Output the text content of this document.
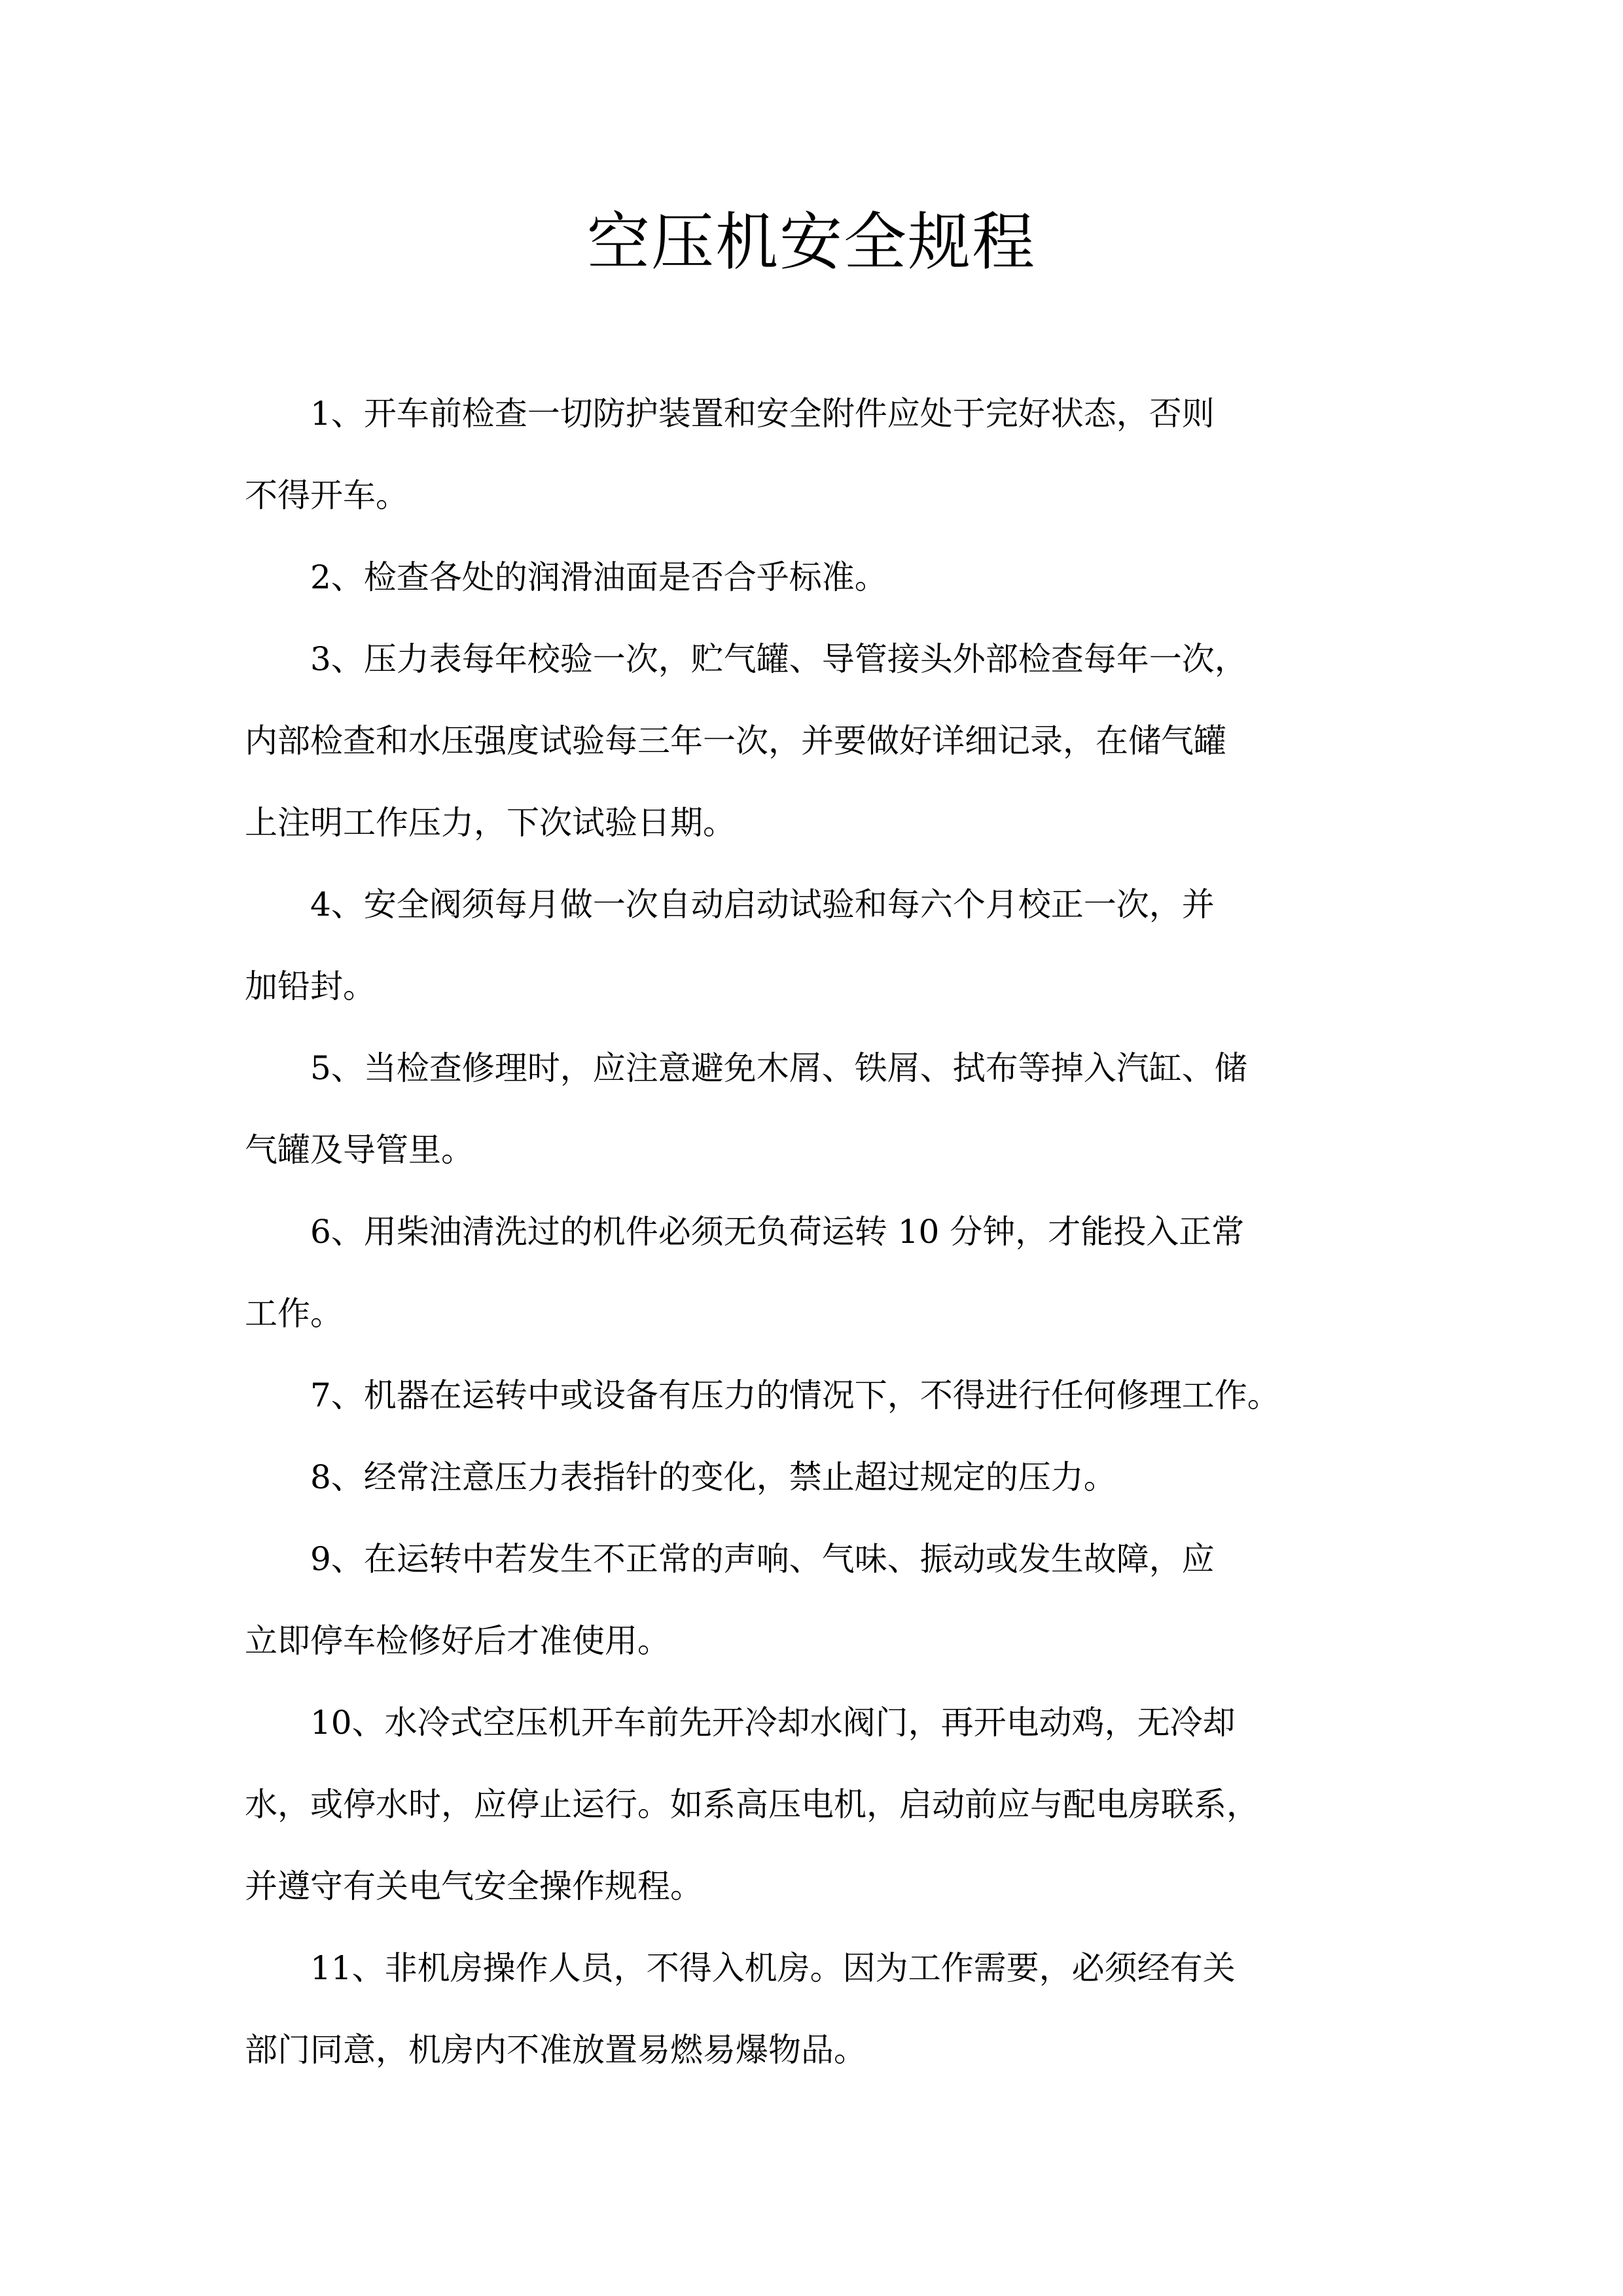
空压机安全规程

1、开车前检查一切防护装置和安全附件应处于完好状态，否则
不得开车。

2、检查各处的润滑油面是否合乎标准。

3、压力表每年校验一次，贮气罐、导管接头外部检查每年一次，
内部检查和水压强度试验每三年一次，并要做好详细记录，在储气罐
上注明工作压力，下次试验日期。

4、安全阀须每月做一次自动启动试验和每六个月校正一次，并
加铅封。

5、当检查修理时，应注意避免木屑、铁屑、拭布等掉入汽缸、储
气罐及导管里。

6、用柴油清洗过的机件必须无负荷运转 10 分钟，才能投入正常
工作。

7、机器在运转中或设备有压力的情况下，不得进行任何修理工作。

8、经常注意压力表指针的变化，禁止超过规定的压力。

9、在运转中若发生不正常的声响、气味、振动或发生故障，应
立即停车检修好后才准使用。

10、水冷式空压机开车前先开冷却水阀门，再开电动鸡，无冷却
水，或停水时，应停止运行。如系高压电机，启动前应与配电房联系，
并遵守有关电气安全操作规程。

11、非机房操作人员，不得入机房。因为工作需要，必须经有关
部门同意，机房内不准放置易燃易爆物品。
